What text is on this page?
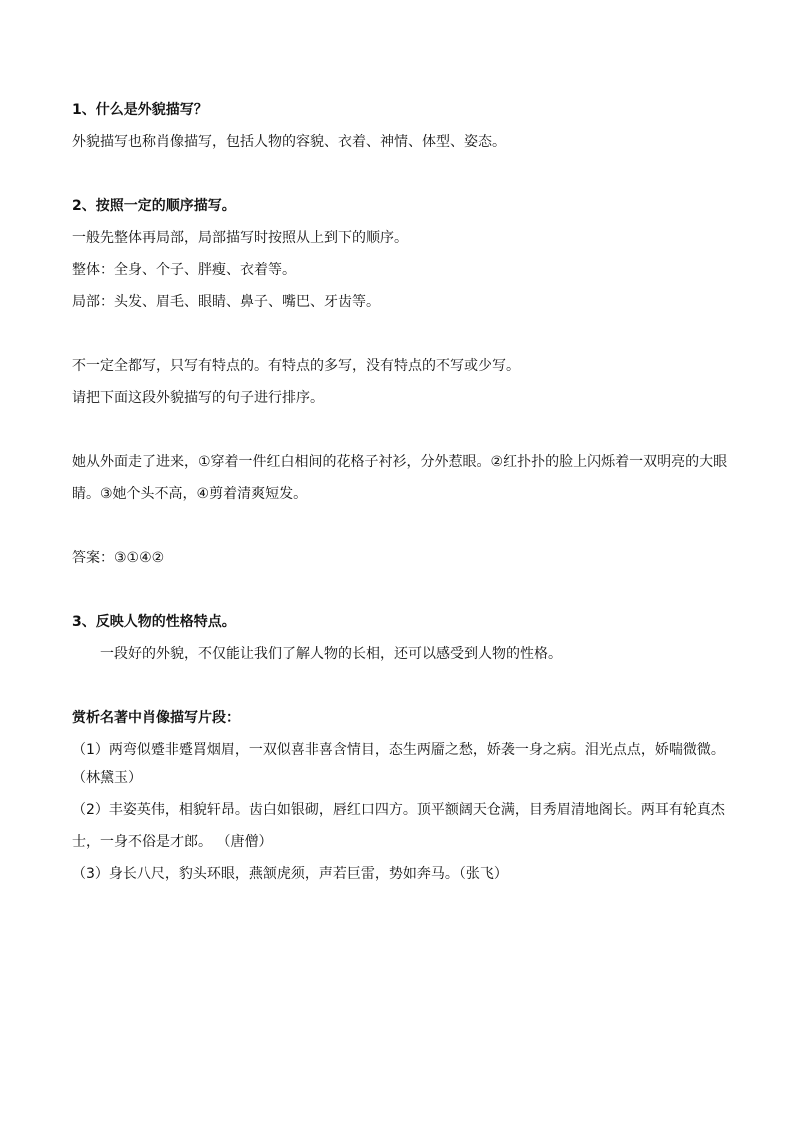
1、什么是外貌描写？
外貌描写也称肖像描写，包括人物的容貌、衣着、神情、体型、姿态。
2、按照一定的顺序描写。
一般先整体再局部，局部描写时按照从上到下的顺序。
整体：全身、个子、胖瘦、衣着等。
局部：头发、眉毛、眼睛、鼻子、嘴巴、牙齿等。
不一定全都写，只写有特点的。有特点的多写，没有特点的不写或少写。
请把下面这段外貌描写的句子进行排序。
她从外面走了进来，①穿着一件红白相间的花格子衬衫，分外惹眼。②红扑扑的脸上闪烁着一双明亮的大眼
睛。③她个头不高，④剪着清爽短发。
答案：③①④②
3、反映人物的性格特点。
一段好的外貌，不仅能让我们了解人物的长相，还可以感受到人物的性格。
赏析名著中肖像描写片段：
（1）两弯似蹙非蹙罥烟眉，一双似喜非喜含情目，态生两靥之愁，娇袭一身之病。泪光点点，娇喘微微。
（林黛玉）
（2）丰姿英伟，相貌轩昂。齿白如银砌，唇红口四方。顶平额阔天仓满，目秀眉清地阁长。两耳有轮真杰
士，一身不俗是才郎。 （唐僧）
（3）身长八尺，豹头环眼，燕颔虎须，声若巨雷，势如奔马。（张飞）
